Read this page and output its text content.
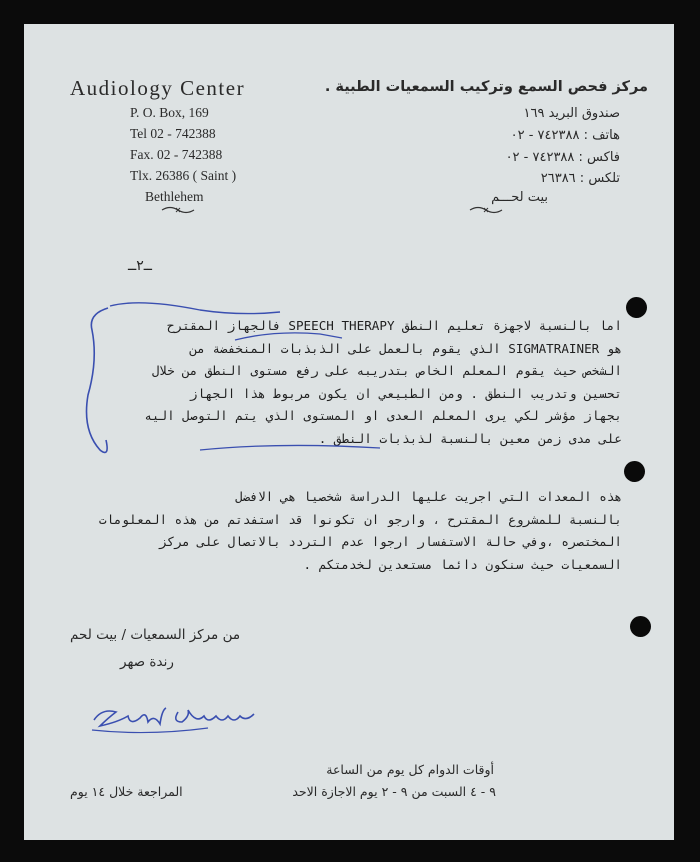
Audiology Center
P. O. Box, 169
Tel 02 - 742388
Fax. 02 - 742388
Tlx. 26386 ( Saint )
Bethlehem
مركز فحص السمع وتركيب السمعيات الطبية .
صندوق البريد ١٦٩
هاتف : ٧٤٢٣٨٨ - ٠٢
فاكس : ٧٤٢٣٨٨ - ٠٢
تلكس : ٢٦٣٨٦
بيت لحـــم
ــ٢ــ
اما بالنسبة لاجهزة تعليم النطق SPEECH THERAPY فالجهاز المقترح
هو SIGMATRAINER الذي يقوم بالعمل على الذبذبات المنخفضة من
الشخص حيث يقوم المعلم الخاص بتدريبه على رفع مستوى النطق من خلال
تحسين وتدريب النطق . ومن الطبيعي ان يكون مربوط هذا الجهاز
بجهاز مؤشر لكي يرى المعلم العدى او المستوى الذي يتم التوصل اليه
على مدى زمن معين بالنسبة لذبذبات النطق .
هذه المعدات التي اجريت عليها الدراسة شخصيا هي الافضل
بالنسبة للمشروع المقترح ، وارجو ان تكونوا قد استفدتم من هذه المعلومات
المختصره ،وفي حالة الاستفسار ارجوا عدم التردد بالاتصال على مركز
السمعيات حيث سنكون دائما مستعدين لخدمتكم .
من مركز السمعيات / بيت لحم
رندة صهر
أوقات الدوام كل يوم من الساعة
٩ - ٤ السبت من ٩ - ٢ يوم الاجازة الاحد
المراجعة خلال ١٤ يوم
